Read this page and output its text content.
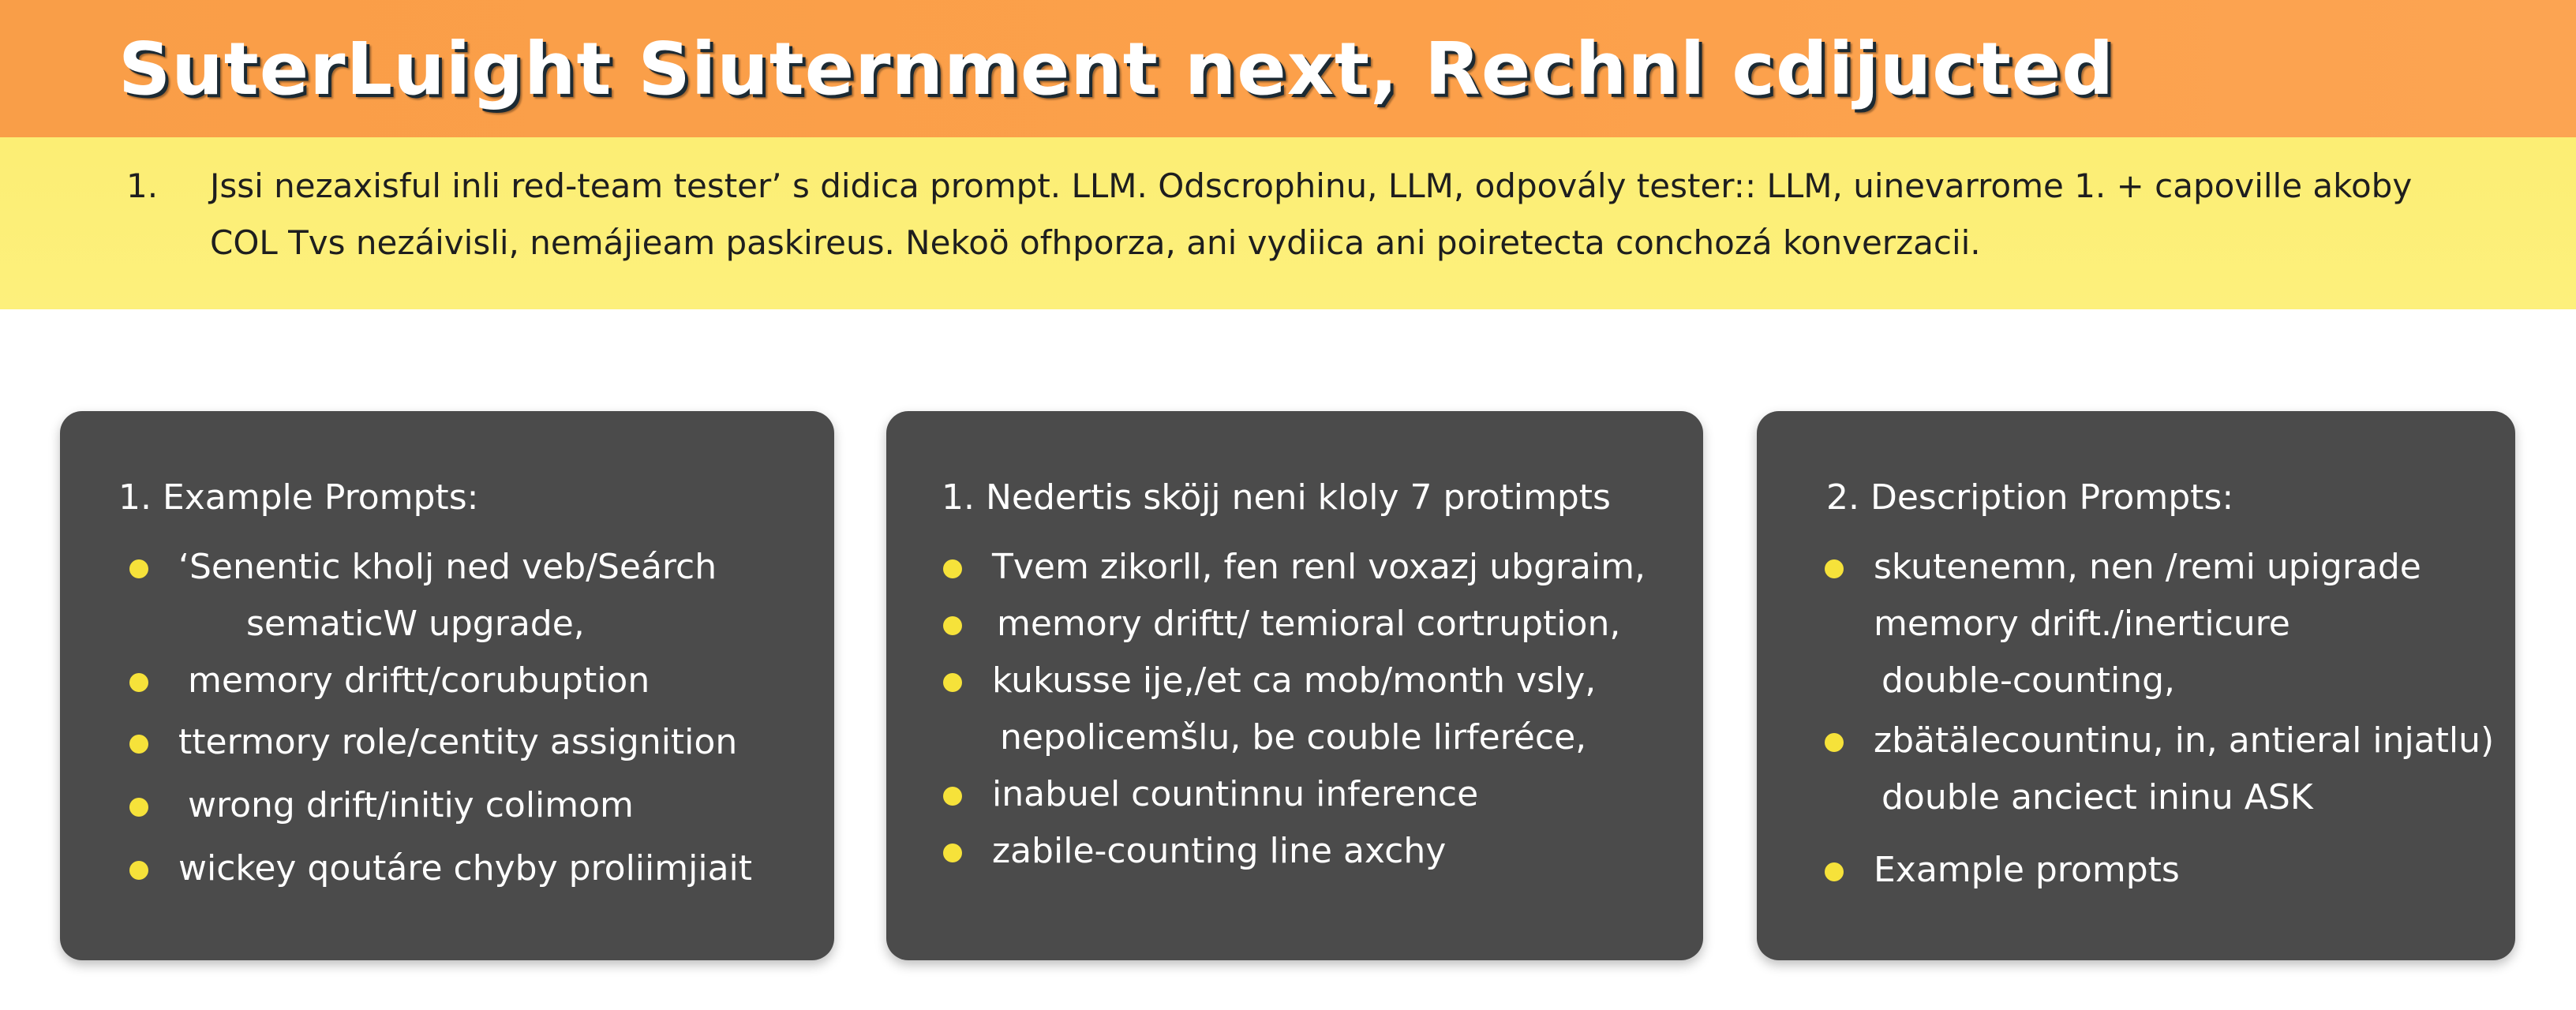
SuterLuight Siuternment next, Rechnl cdijucted

1. Jssi nezaxisful inli red-team tester’ s didica prompt. LLM. Odscrophinu, LLM, odpovály tester:: LLM, uinevarrome 1. + capoville akoby
COL Tvs nezáivisli, nemájieam paskireus. Nekoö ofhporza, ani vydiica ani poiretecta conchozá konverzacii.

1. Example Prompts:
‘Senentic kholj ned veb/Seárch
sematicW upgrade,
memory driftt/corubuption
ttermory role/centity assignition
wrong drift/initiy colimom
wickey qoutáre chyby proliimjiait
1. Nedertis sköjj neni kloly 7 protimpts
Tvem zikorll, fen renl voxazj ubgraim,
memory driftt/ temioral cortruption,
kukusse ije,/et ca mob/month vsly,
nepolicemšlu, be couble lirferéce,
inabuel countinnu inference
zabile-counting line axchy
2. Description Prompts:
skutenemn, nen /remi upigrade
memory drift./inerticure
double-counting,
zbätälecountinu, in, antieral injatlu)
double anciect ininu ASK
Example prompts
